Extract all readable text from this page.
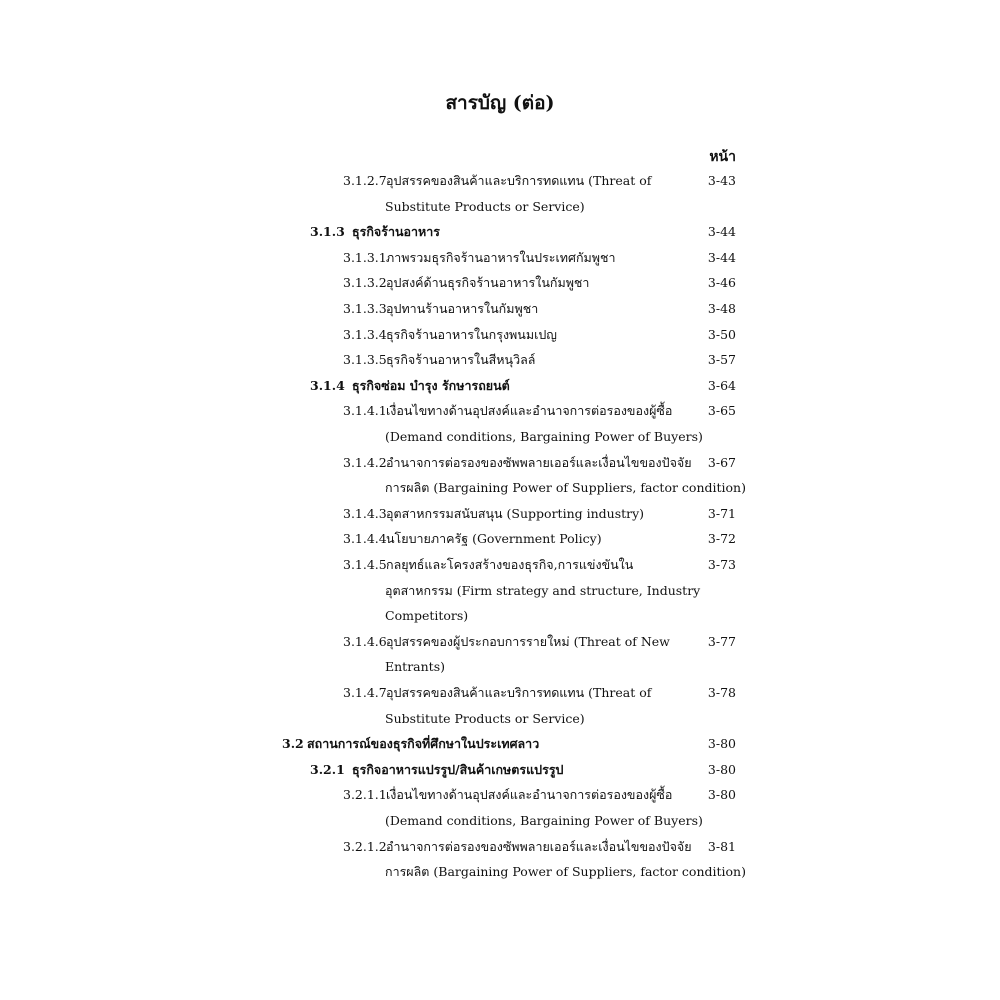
สารบัญ (ต่อ)
หน้า
3.1.2.7อุปสรรคของสินค้าและบริการทดแทน (Threat of	3-43
Substitute Products or Service)
3.1.3 ธุรกิจร้านอาหาร	3-44
3.1.3.1ภาพรวมธุรกิจร้านอาหารในประเทศกัมพูชา	3-44
3.1.3.2อุปสงค์ด้านธุรกิจร้านอาหารในกัมพูชา	3-46
3.1.3.3อุปทานร้านอาหารในกัมพูชา	3-48
3.1.3.4ธุรกิจร้านอาหารในกรุงพนมเปญ	3-50
3.1.3.5ธุรกิจร้านอาหารในสีหนุวิลล์	3-57
3.1.4 ธุรกิจซ่อม บำรุง รักษารถยนต์	3-64
3.1.4.1เงื่อนไขทางด้านอุปสงค์และอำนาจการต่อรองของผู้ซื้อ	3-65
(Demand conditions, Bargaining Power of Buyers)
3.1.4.2อำนาจการต่อรองของซัพพลายเออร์และเงื่อนไขของปัจจัย	3-67
การผลิต (Bargaining Power of Suppliers, factor condition)
3.1.4.3อุตสาหกรรมสนับสนุน (Supporting industry)	3-71
3.1.4.4นโยบายภาครัฐ (Government Policy)	3-72
3.1.4.5กลยุทธ์และโครงสร้างของธุรกิจ,การแข่งขันใน	3-73
อุตสาหกรรม (Firm strategy and structure, Industry
Competitors)
3.1.4.6อุปสรรคของผู้ประกอบการรายใหม่ (Threat of New	3-77
Entrants)
3.1.4.7อุปสรรคของสินค้าและบริการทดแทน (Threat of	3-78
Substitute Products or Service)
3.2 สถานการณ์ของธุรกิจที่ศึกษาในประเทศลาว	3-80
3.2.1 ธุรกิจอาหารแปรรูป/สินค้าเกษตรแปรรูป	3-80
3.2.1.1เงื่อนไขทางด้านอุปสงค์และอำนาจการต่อรองของผู้ซื้อ	3-80
(Demand conditions, Bargaining Power of Buyers)
3.2.1.2อำนาจการต่อรองของซัพพลายเออร์และเงื่อนไขของปัจจัย	3-81
การผลิต (Bargaining Power of Suppliers, factor condition)
